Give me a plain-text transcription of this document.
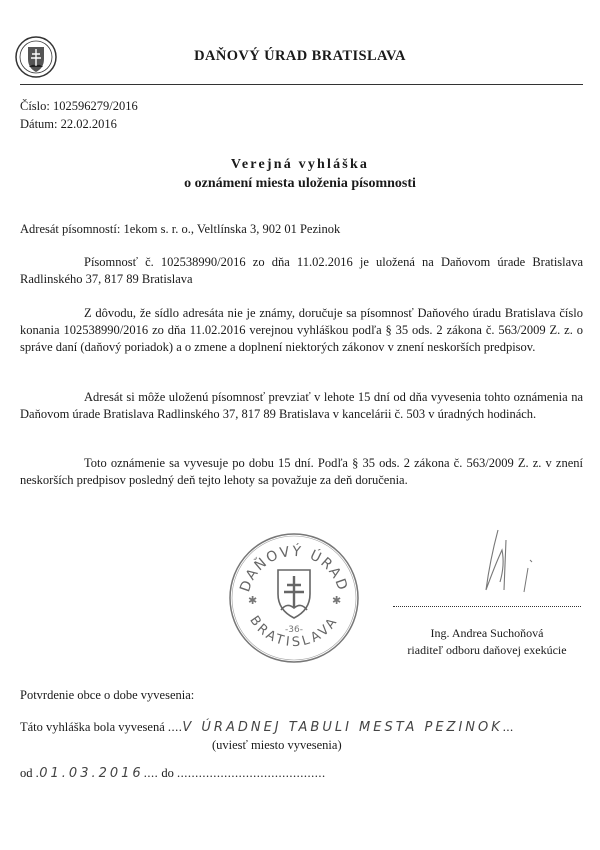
DAŇOVÝ ÚRAD BRATISLAVA
Číslo: 102596279/2016
Dátum: 22.02.2016
Verejná vyhláška
o oznámení miesta uloženia písomnosti
Adresát písomností: 1ekom s. r. o., Veltlínska 3, 902 01 Pezinok
Písomnosť č. 102538990/2016 zo dňa 11.02.2016 je uložená na Daňovom úrade Bratislava Radlinského 37, 817 89 Bratislava
Z dôvodu, že sídlo adresáta nie je známy, doručuje sa písomnosť Daňového úradu Bratislava číslo konania 102538990/2016 zo dňa 11.02.2016 verejnou vyhláškou podľa § 35 ods. 2 zákona č. 563/2009 Z. z. o správe daní (daňový poriadok) a o zmene a doplnení niektorých zákonov v znení neskorších predpisov.
Adresát si môže uloženú písomnosť prevziať v lehote 15 dní od dňa vyvesenia tohto oznámenia na Daňovom úrade Bratislava Radlinského 37, 817 89 Bratislava v kancelárii č. 503 v úradných hodinách.
Toto oznámenie sa vyvesuje po dobu 15 dní. Podľa § 35 ods. 2 zákona č. 563/2009 Z. z. v znení neskorších predpisov posledný deň tejto lehoty sa považuje za deň doručenia.
DAŇOVÝ ÚRAD
BRATISLAVA
✱	✱
-36-	Ing. Andrea Suchoňová
riaditeľ odboru daňovej exekúcie
Potvrdenie obce o dobe vyvesenia:
Táto vyhláška bola vyvesená ....V ÚRADNEJ TABULI MESTA PEZINOK...
(uviesť miesto vyvesenia)
od .01.03.2016.... do .........................................
